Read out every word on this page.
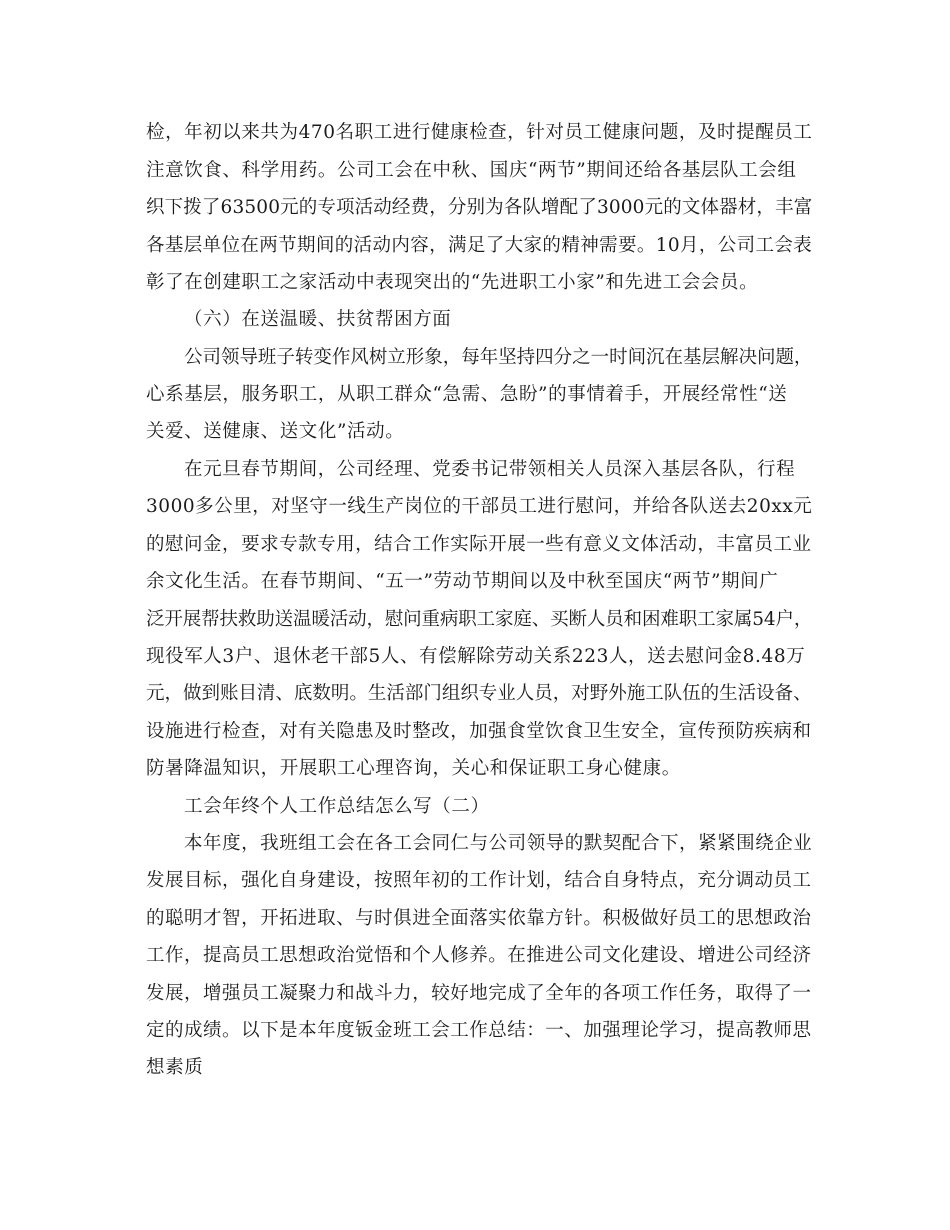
检，年初以来共为470名职工进行健康检查，针对员工健康问题，及时提醒员工

注意饮食、科学用药。公司工会在中秋、国庆“两节”期间还给各基层队工会组

织下拨了63500元的专项活动经费，分别为各队增配了3000元的文体器材，丰富

各基层单位在两节期间的活动内容，满足了大家的精神需要。10月，公司工会表

彰了在创建职工之家活动中表现突出的“先进职工小家”和先进工会会员。

（六）在送温暖、扶贫帮困方面

公司领导班子转变作风树立形象，每年坚持四分之一时间沉在基层解决问题，

心系基层，服务职工，从职工群众“急需、急盼”的事情着手，开展经常性“送

关爱、送健康、送文化”活动。

在元旦春节期间，公司经理、党委书记带领相关人员深入基层各队，行程

3000多公里，对坚守一线生产岗位的干部员工进行慰问，并给各队送去20xx元

的慰问金，要求专款专用，结合工作实际开展一些有意义文体活动，丰富员工业

余文化生活。在春节期间、“五一”劳动节期间以及中秋至国庆“两节”期间广

泛开展帮扶救助送温暖活动，慰问重病职工家庭、买断人员和困难职工家属54户，

现役军人3户、退休老干部5人、有偿解除劳动关系223人，送去慰问金8.48万

元，做到账目清、底数明。生活部门组织专业人员，对野外施工队伍的生活设备、

设施进行检查，对有关隐患及时整改，加强食堂饮食卫生安全，宣传预防疾病和

防暑降温知识，开展职工心理咨询，关心和保证职工身心健康。

工会年终个人工作总结怎么写（二）

本年度，我班组工会在各工会同仁与公司领导的默契配合下，紧紧围绕企业

发展目标，强化自身建设，按照年初的工作计划，结合自身特点，充分调动员工

的聪明才智，开拓进取、与时俱进全面落实依靠方针。积极做好员工的思想政治

工作，提高员工思想政治觉悟和个人修养。在推进公司文化建设、增进公司经济

发展，增强员工凝聚力和战斗力，较好地完成了全年的各项工作任务，取得了一

定的成绩。以下是本年度钣金班工会工作总结：一、加强理论学习，提高教师思

想素质
